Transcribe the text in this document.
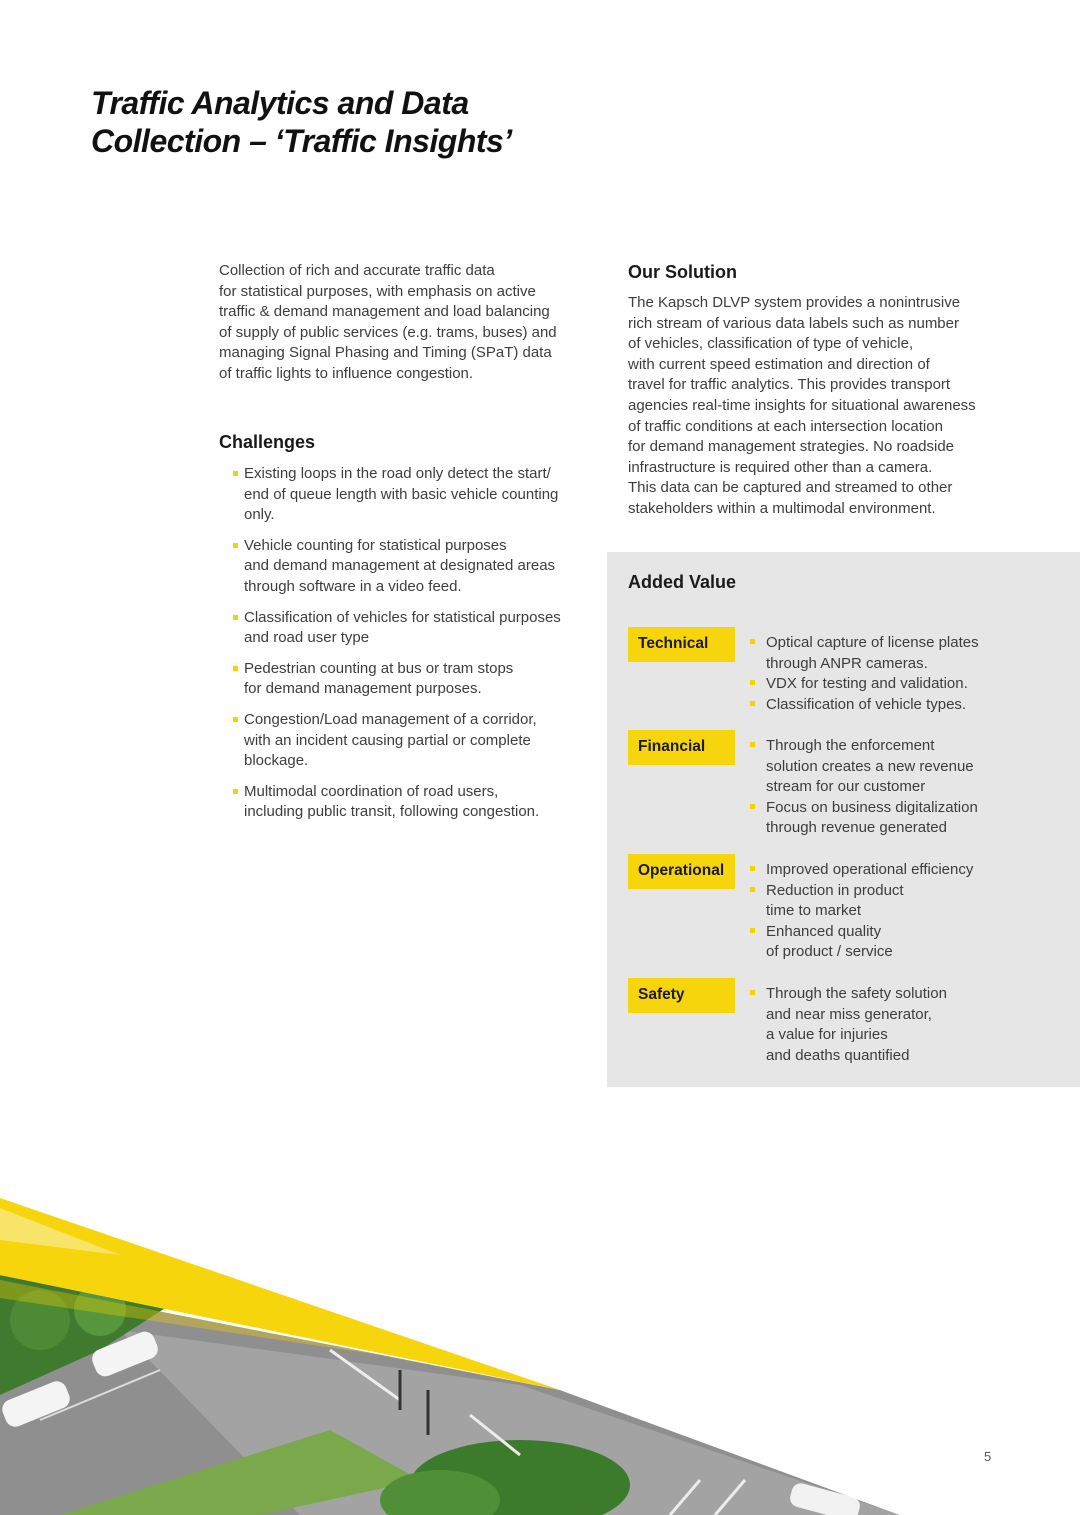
Traffic Analytics and Data
Collection – ‘Traffic Insights’

Collection of rich and accurate traffic data
for statistical purposes, with emphasis on active
traffic & demand management and load balancing
of supply of public services (e.g. trams, buses) and
managing Signal Phasing and Timing (SPaT) data
of traffic lights to influence congestion.

Challenges
Existing loops in the road only detect the start/
end of queue length with basic vehicle counting
only.
Vehicle counting for statistical purposes
and demand management at designated areas
through software in a video feed.
Classification of vehicles for statistical purposes
and road user type
Pedestrian counting at bus or tram stops
for demand management purposes.
Congestion/Load management of a corridor,
with an incident causing partial or complete
blockage.
Multimodal coordination of road users,
including public transit, following congestion.
Our Solution

The Kapsch DLVP system provides a nonintrusive
rich stream of various data labels such as number
of vehicles, classification of type of vehicle,
with current speed estimation and direction of
travel for traffic analytics. This provides transport
agencies real-time insights for situational awareness
of traffic conditions at each intersection location
for demand management strategies. No roadside
infrastructure is required other than a camera.
This data can be captured and streamed to other
stakeholders within a multimodal environment.

Added Value
Technical	Optical capture of license plates
through ANPR cameras.
VDX for testing and validation.
Classification of vehicle types.
Financial	Through the enforcement
solution creates a new revenue
stream for our customer
Focus on business digitalization
through revenue generated
Operational	Improved operational efficiency
Reduction in product
time to market
Enhanced quality
of product / service
Safety	Through the safety solution
and near miss generator,
a value for injuries
and deaths quantified
5
